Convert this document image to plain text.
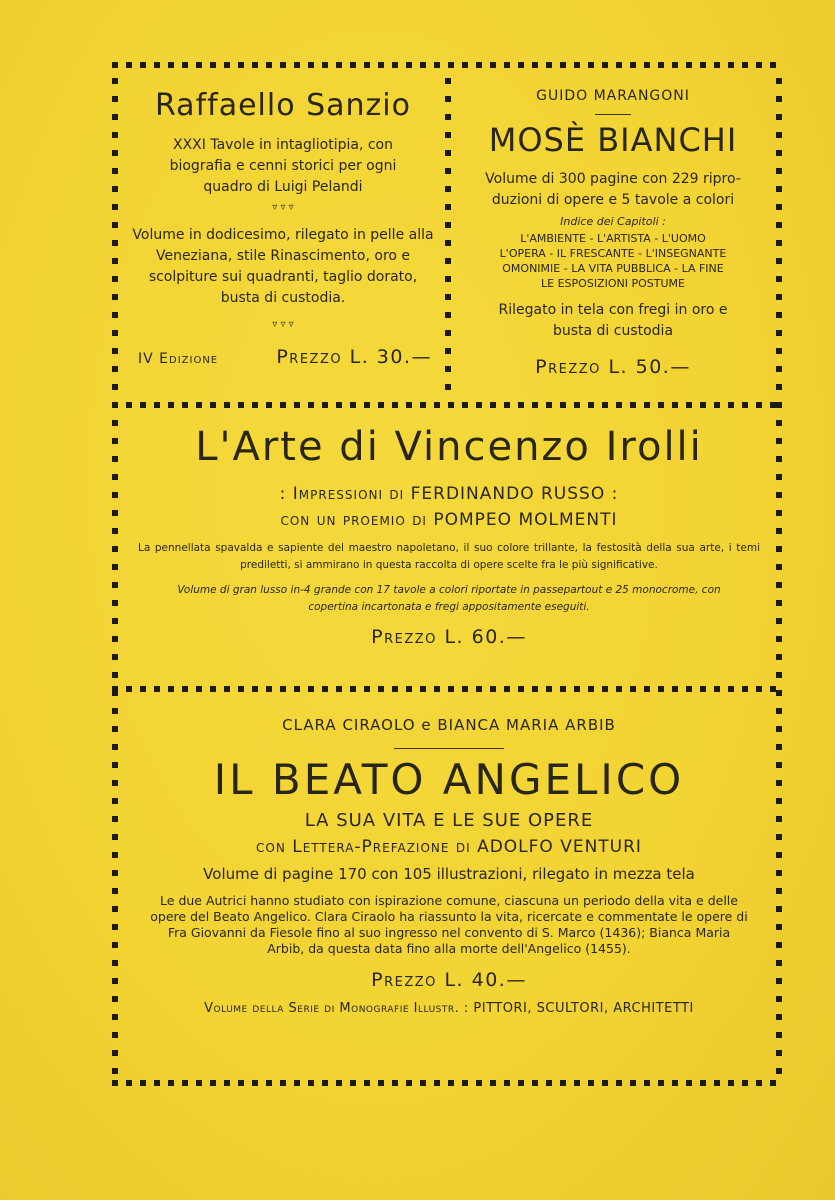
Raffaello Sanzio
XXXI Tavole in intagliotipia, con biografia e cenni storici per ogni quadro di Luigi Pelandi
▿ ▿ ▿
Volume in dodicesimo, rilegato in pelle alla Veneziana, stile Rinascimento, oro e scolpiture sui quadranti, taglio dorato, busta di custodia.
▿ ▿ ▿
IV Edizione	Prezzo L. 30.—
GUIDO MARANGONI
MOSÈ BIANCHI
Volume di 300 pagine con 229 ripro- duzioni di opere e 5 tavole a colori
Indice dei Capitoli :
L'AMBIENTE - L'ARTISTA - L'UOMO
L'OPERA - IL FRESCANTE - L'INSEGNANTE
OMONIMIE - LA VITA PUBBLICA - LA FINE
LE ESPOSIZIONI POSTUME
Rilegato in tela con fregi in oro e busta di custodia
Prezzo L. 50.—
L'Arte di Vincenzo Irolli
: Impressioni di FERDINANDO RUSSO :
con un proemio di POMPEO MOLMENTI
La pennellata spavalda e sapiente del maestro napoletano, il suo colore trillante, la festosità della sua arte, i temi prediletti, si ammirano in questa raccolta di opere scelte fra le più significative.
Volume di gran lusso in-4 grande con 17 tavole a colori riportate in passepartout e 25 monocrome, con copertina incartonata e fregi appositamente eseguiti.
Prezzo L. 60.—
CLARA CIRAOLO e BIANCA MARIA ARBIB
IL BEATO ANGELICO
LA SUA VITA E LE SUE OPERE
con Lettera-Prefazione di ADOLFO VENTURI
Volume di pagine 170 con 105 illustrazioni, rilegato in mezza tela
Le due Autrici hanno studiato con ispirazione comune, ciascuna un periodo della vita e delle opere del Beato Angelico. Clara Ciraolo ha riassunto la vita, ricercate e commentate le opere di Fra Giovanni da Fiesole fino al suo ingresso nel convento di S. Marco (1436); Bianca Maria Arbib, da questa data fino alla morte dell'Angelico (1455).
Prezzo L. 40.—
Volume della Serie di Monografie Illustr. : PITTORI, SCULTORI, ARCHITETTI
